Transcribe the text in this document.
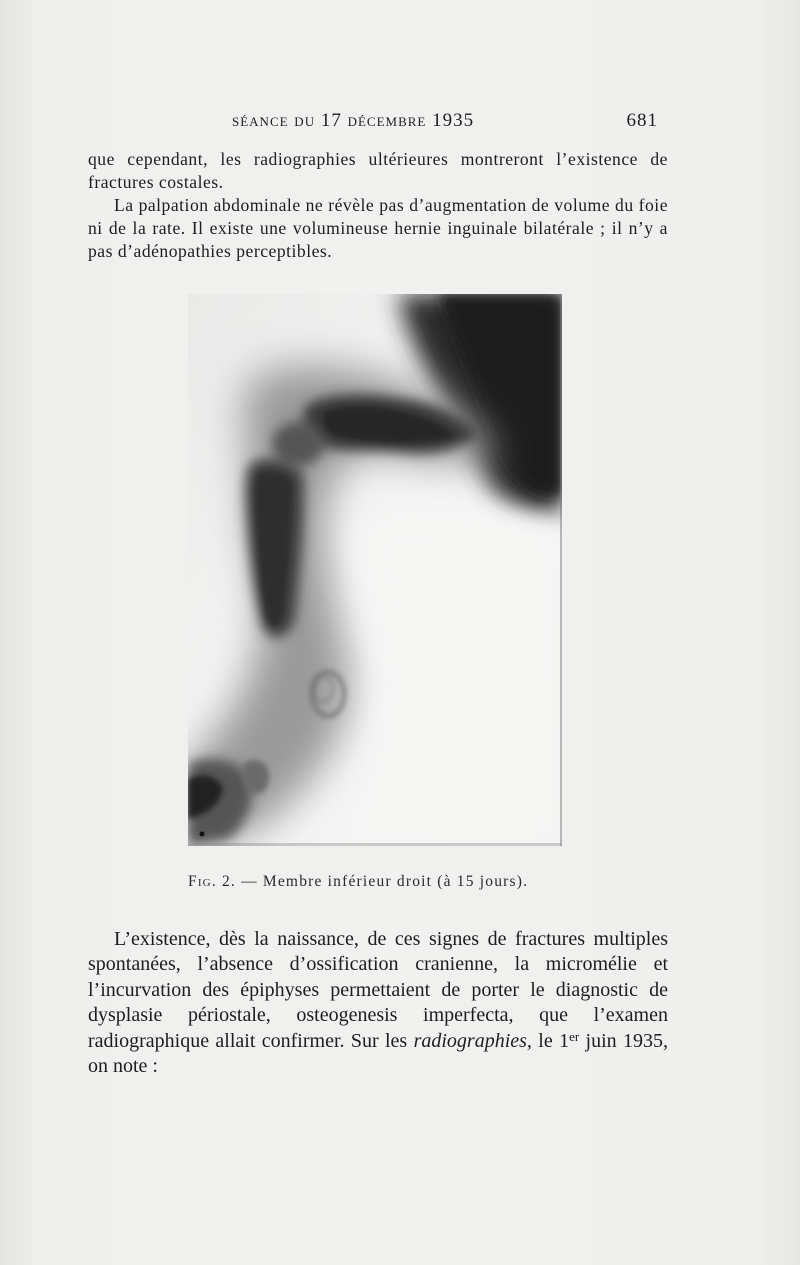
séance du 17 décembre 1935	681

que cependant, les radiographies ultérieures montreront l’existence de fractures costales.

La palpation abdominale ne révèle pas d’augmentation de volume du foie ni de la rate. Il existe une volumineuse hernie inguinale bilatérale ; il n’y a pas d’adénopathies perceptibles.

Fig. 2. — Membre inférieur droit (à 15 jours).

L’existence, dès la naissance, de ces signes de fractures multiples spontanées, l’absence d’ossification cranienne, la micromélie et l’incurvation des épiphyses permettaient de porter le diagnostic de dysplasie périostale, osteogenesis imperfecta, que l’examen radiographique allait confirmer. Sur les radiographies, le 1er juin 1935, on note :
